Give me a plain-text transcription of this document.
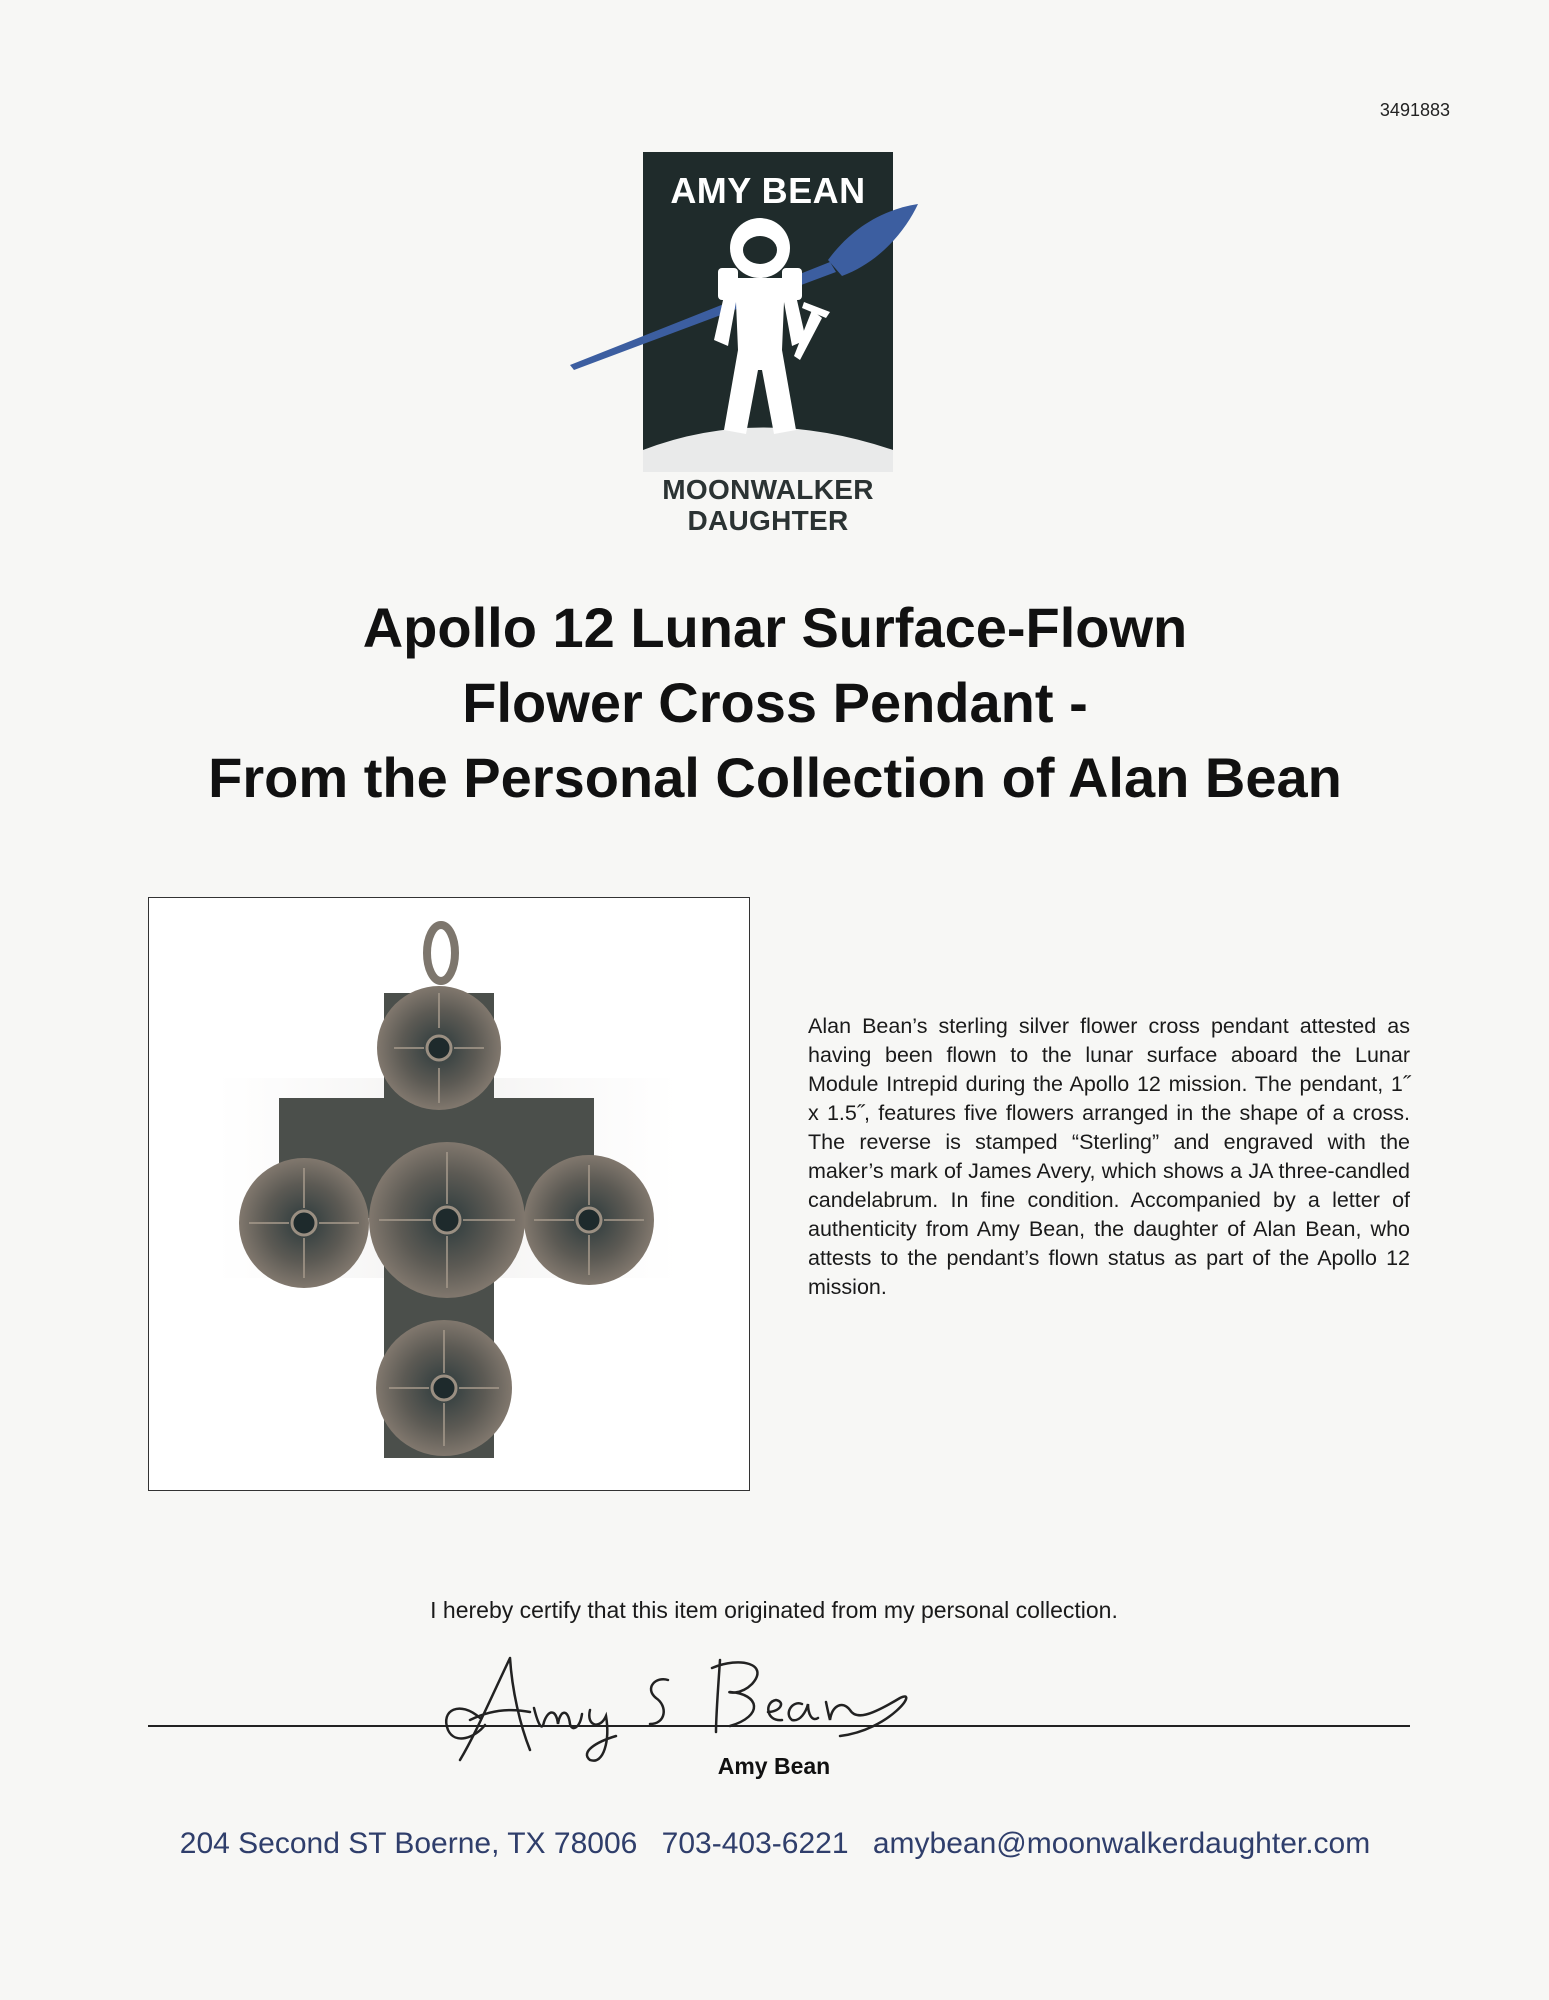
3491883
AMY BEAN
MOONWALKER
DAUGHTER
Apollo 12 Lunar Surface-Flown
Flower Cross Pendant -
From the Personal Collection of Alan Bean
Alan Bean’s sterling silver flower cross pendant attested as having been flown to the lunar surface aboard the Lunar Module Intrepid during the Apollo 12 mission. The pendant, 1˝ x 1.5˝, features five flowers arranged in the shape of a cross. The reverse is stamped “Sterling” and engraved with the maker’s mark of James Avery, which shows a JA three-candled candelabrum. In fine condition. Accompanied by a letter of authenticity from Amy Bean, the daughter of Alan Bean, who attests to the pendant’s flown status as part of the Apollo 12 mission.
I hereby certify that this item originated from my personal collection.
Amy Bean
204 Second ST Boerne, TX 78006 703-403-6221 amybean@moonwalkerdaughter.com
